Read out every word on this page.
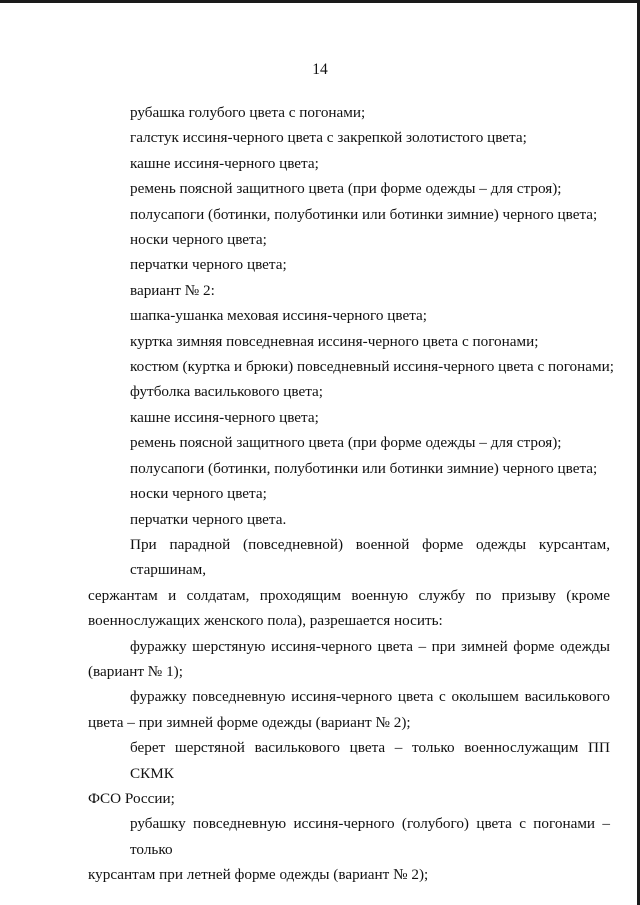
14
рубашка голубого цвета с погонами;
галстук иссиня-черного цвета с закрепкой золотистого цвета;
кашне иссиня-черного цвета;
ремень поясной защитного цвета (при форме одежды – для строя);
полусапоги (ботинки, полуботинки или ботинки зимние) черного цвета;
носки черного цвета;
перчатки черного цвета;
вариант № 2:
шапка-ушанка меховая иссиня-черного цвета;
куртка зимняя повседневная иссиня-черного цвета с погонами;
костюм (куртка и брюки) повседневный иссиня-черного цвета с погонами;
футболка василькового цвета;
кашне иссиня-черного цвета;
ремень поясной защитного цвета (при форме одежды – для строя);
полусапоги (ботинки, полуботинки или ботинки зимние) черного цвета;
носки черного цвета;
перчатки черного цвета.
При парадной (повседневной) военной форме одежды курсантам, старшинам,
сержантам и солдатам, проходящим военную службу по призыву (кроме
военнослужащих женского пола), разрешается носить:
фуражку шерстяную иссиня-черного цвета – при зимней форме одежды
(вариант № 1);
фуражку повседневную иссиня-черного цвета с околышем василькового
цвета – при зимней форме одежды (вариант № 2);
берет шерстяной василькового цвета – только военнослужащим ПП СКМК
ФСО России;
рубашку повседневную иссиня-черного (голубого) цвета с погонами – только
курсантам при летней форме одежды (вариант № 2);
